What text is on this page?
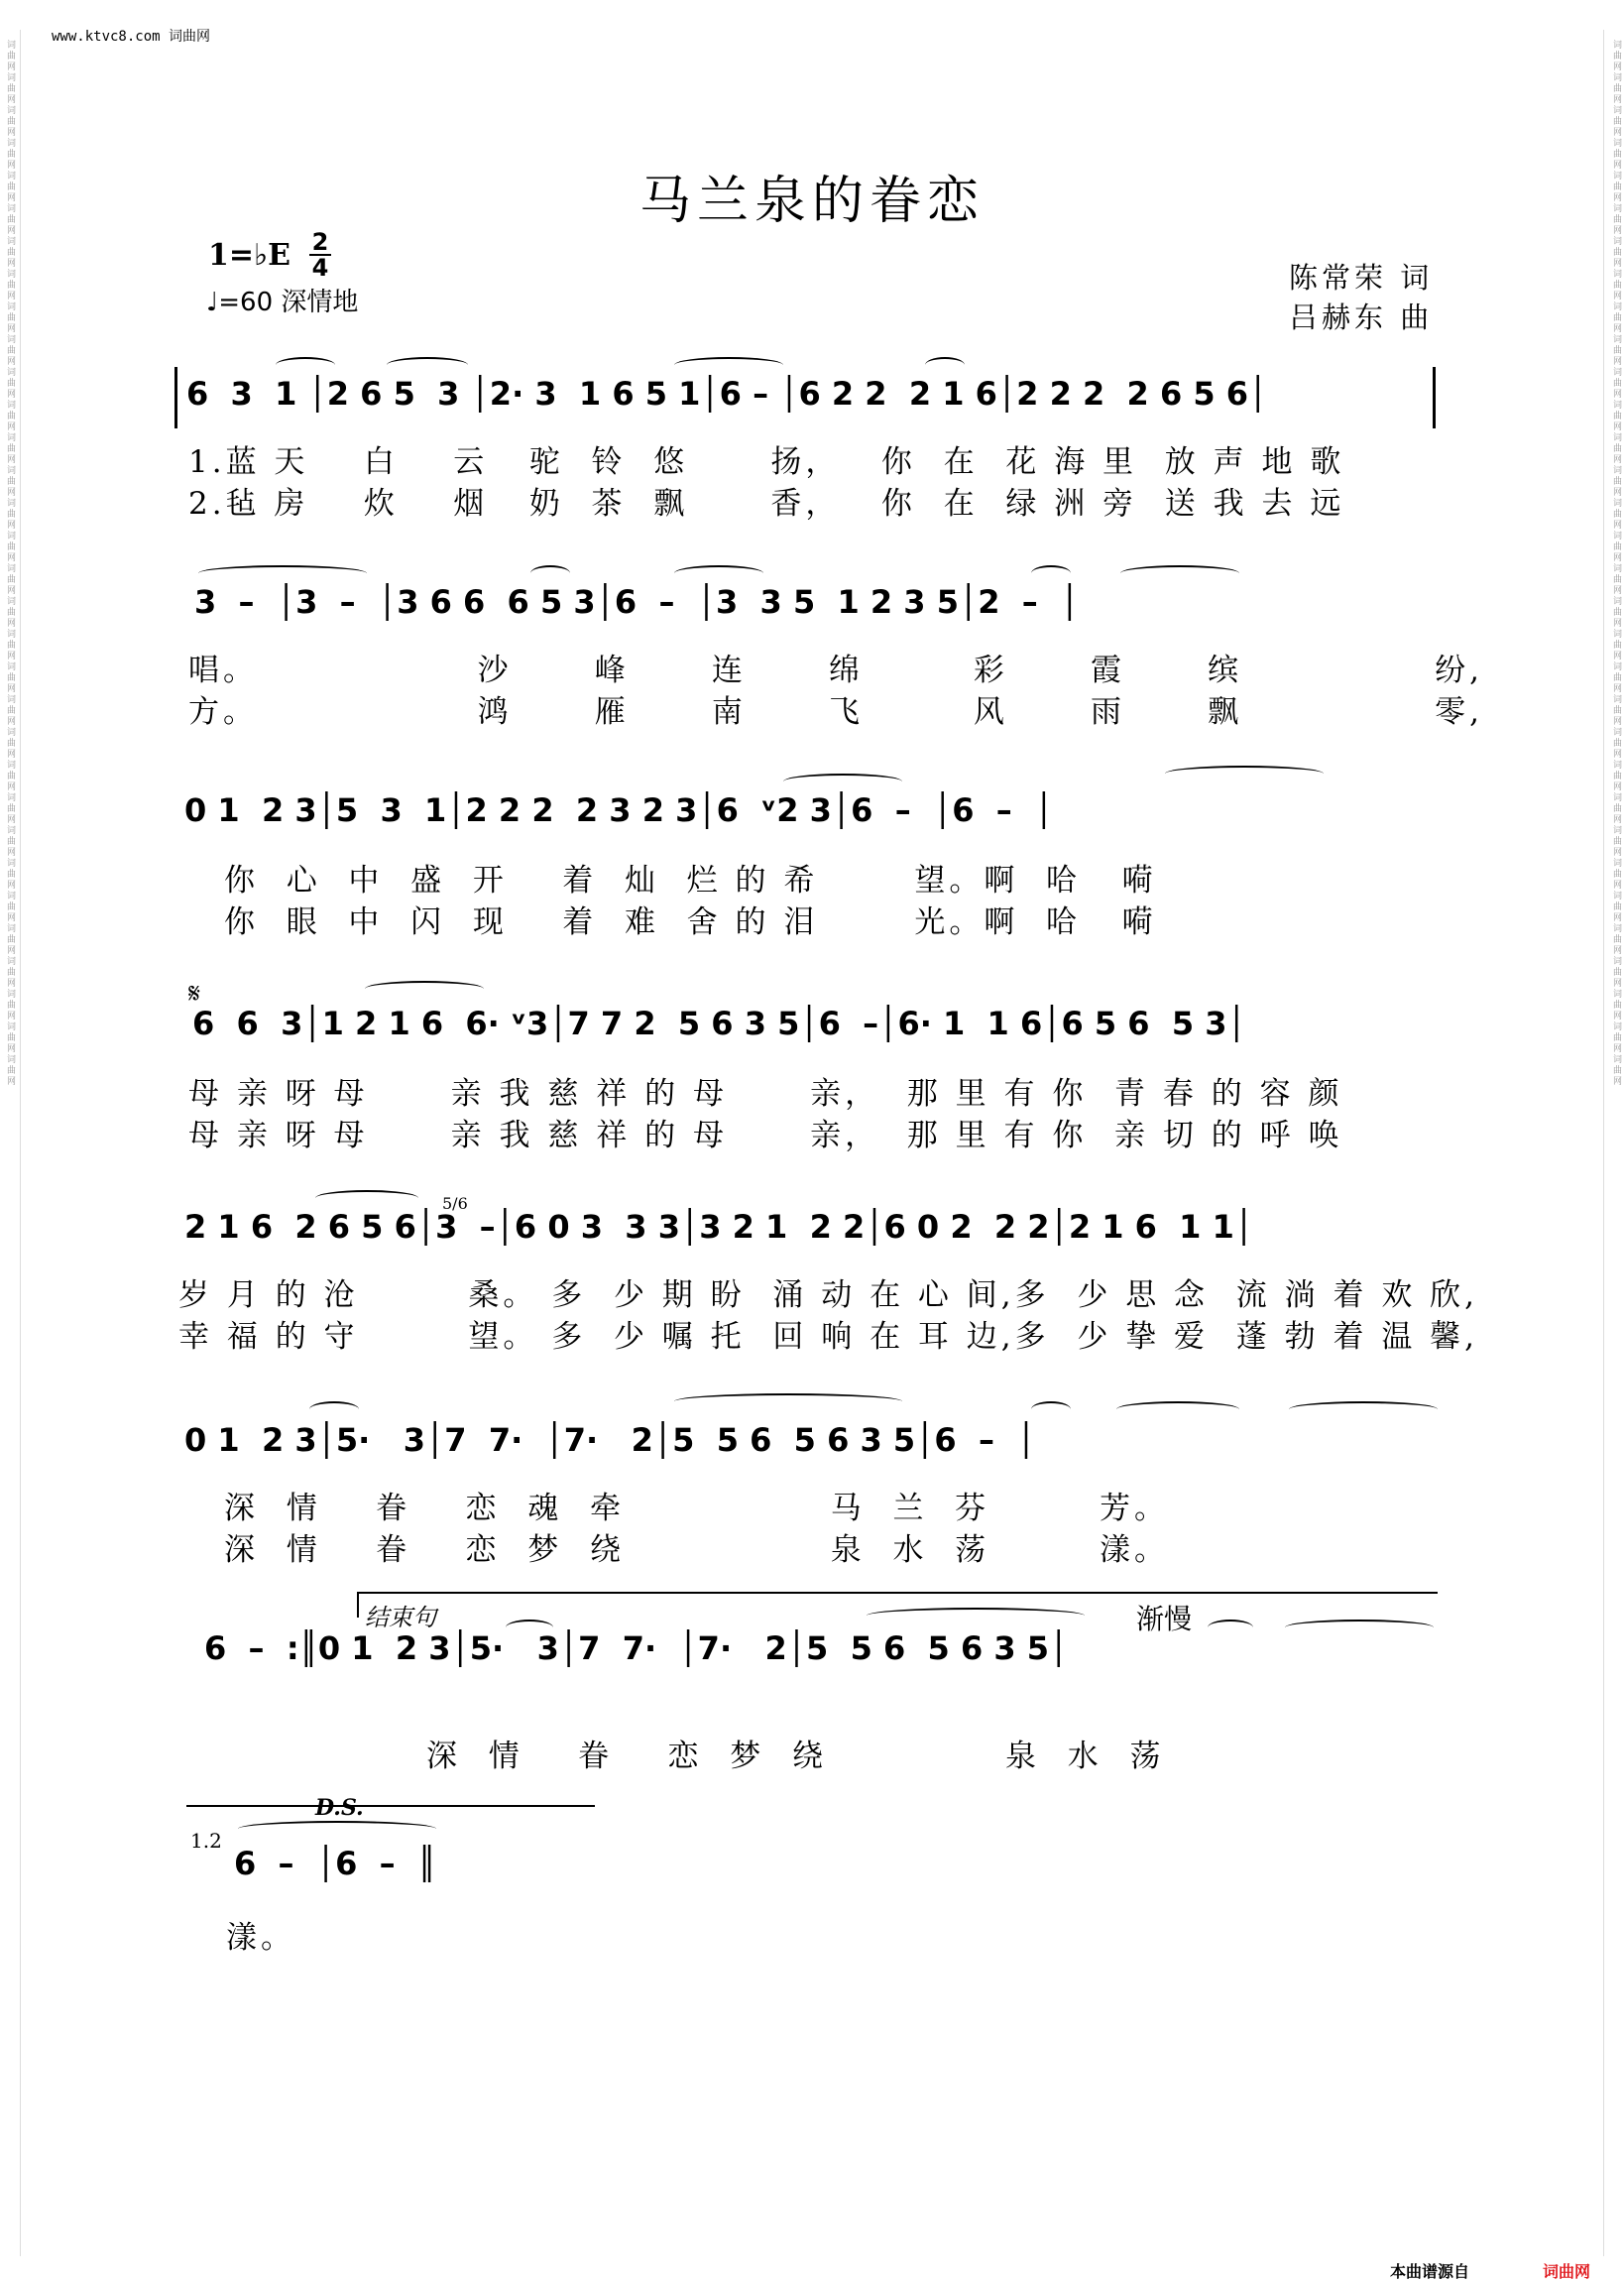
词曲网词曲网词曲网词曲网词曲网词曲网词曲网词曲网词曲网词曲网词曲网词曲网词曲网词曲网词曲网词曲网词曲网词曲网词曲网词曲网词曲网词曲网词曲网词曲网词曲网词曲网词曲网词曲网词曲网词曲网词曲网词曲网	词曲网词曲网词曲网词曲网词曲网词曲网词曲网词曲网词曲网词曲网词曲网词曲网词曲网词曲网词曲网词曲网词曲网词曲网词曲网词曲网词曲网词曲网词曲网词曲网词曲网词曲网词曲网词曲网词曲网词曲网词曲网词曲网
www.ktvc8.com 词曲网
马兰泉的眷恋
1=♭E 2
4
♩=60 深情地
陈常荣 词
吕赫东 曲
6  3  1 │2 6 5  3 │2· 3  1 6 5 1│6 – │6 2 2  2 1 6│2 2 2  2 6 5 6│
1.蓝 天    白    云   驼  铃  悠      扬，   你  在  花 海 里  放 声 地 歌
2.毡 房    炊    烟   奶  茶  飘      香，   你  在  绿 洲 旁  送 我 去 远
3  –  │3  –  │3 6 6  6 5 3│6  –  │3  3 5  1 2 3 5│2  –  │
唱。                沙      峰      连      绵        彩      霞      缤              纷,
方。                鸿      雁      南      飞        风      雨      飘              零,
0 1  2 3│5  3  1│2 2 2  2 3 2 3│6  ᵛ2 3│6  –  │6  –  │
你  心  中  盛  开    着  灿  烂 的 希       望。啊  哈   嗬
你  眼  中  闪  现    着  难  舍 的 泪       光。啊  哈   嗬
𝄋
6  6  3│1 2 1 6  6· ᵛ3│7 7 2  5 6 3 5│6  –│6· 1  1 6│6 5 6  5 3│
母 亲 呀 母      亲 我 慈 祥 的 母      亲，  那 里 有 你  青 春 的 容 颜
母 亲 呀 母      亲 我 慈 祥 的 母      亲，  那 里 有 你  亲 切 的 呼 唤
5/6
2 1 6  2 6 5 6│3  –│6 0 3  3 3│3 2 1  2 2│6 0 2  2 2│2 1 6  1 1│
岁 月 的 沧        桑。 多  少 期 盼  涌 动 在 心 间,多  少 思 念  流 淌 着 欢 欣,
幸 福 的 守        望。 多  少 嘱 托  回 响 在 耳 边,多  少 挚 爱  蓬 勃 着 温 馨,
0 1  2 3│5·   3│7  7·  │7·   2│5  5 6  5 6 3 5│6  –  │
深  情    眷    恋  魂  牵               马  兰  芬        芳。
深  情    眷    恋  梦  绕               泉  水  荡        漾。
结束句	渐慢
6  –  :║0 1  2 3│5·   3│7  7·  │7·   2│5  5 6  5 6 3 5│
深  情    眷    恋  梦  绕             泉  水  荡
D.S.
1.2
6  –  │6  –  ║
漾。
本曲谱源自	词曲网
